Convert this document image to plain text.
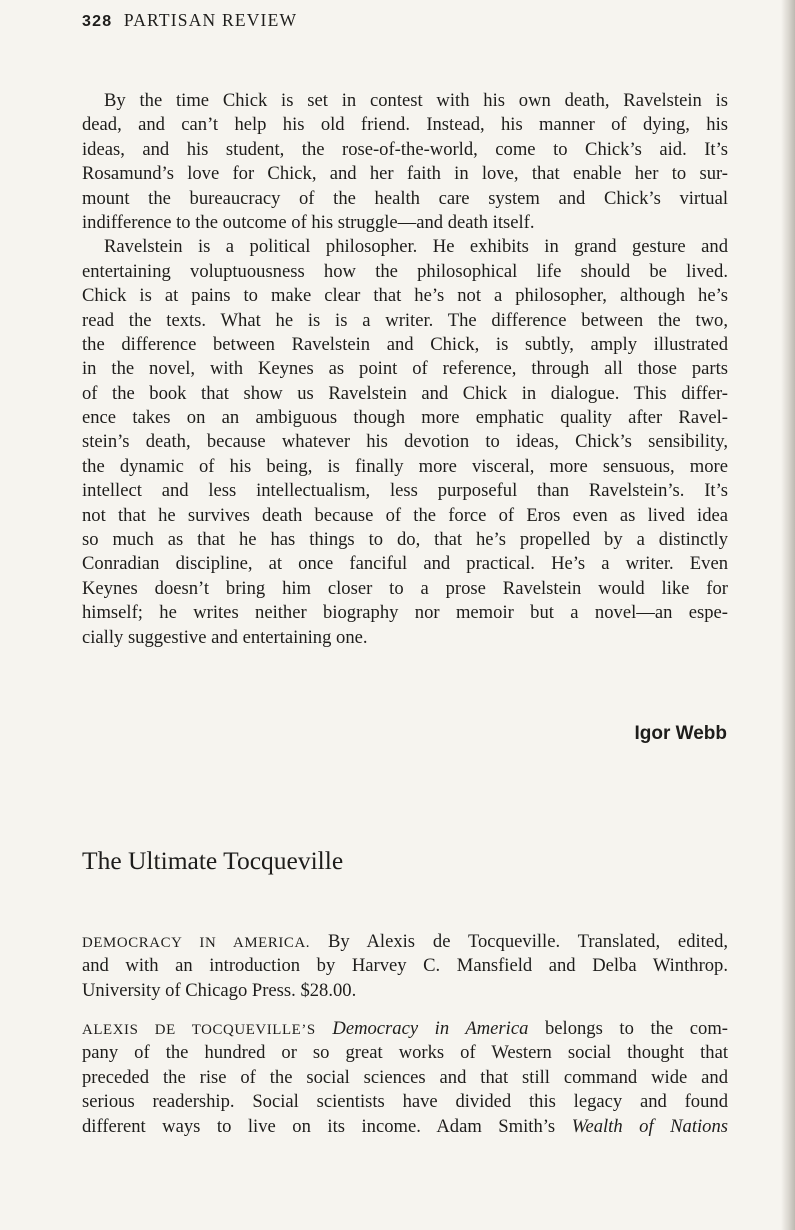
328 PARTISAN REVIEW
By the time Chick is set in contest with his own death, Ravelstein is
dead, and can’t help his old friend. Instead, his manner of dying, his
ideas, and his student, the rose-of-the-world, come to Chick’s aid. It’s
Rosamund’s love for Chick, and her faith in love, that enable her to sur-
mount the bureaucracy of the health care system and Chick’s virtual
indifference to the outcome of his struggle—and death itself.
Ravelstein is a political philosopher. He exhibits in grand gesture and
entertaining voluptuousness how the philosophical life should be lived.
Chick is at pains to make clear that he’s not a philosopher, although he’s
read the texts. What he is is a writer. The difference between the two,
the difference between Ravelstein and Chick, is subtly, amply illustrated
in the novel, with Keynes as point of reference, through all those parts
of the book that show us Ravelstein and Chick in dialogue. This differ-
ence takes on an ambiguous though more emphatic quality after Ravel-
stein’s death, because whatever his devotion to ideas, Chick’s sensibility,
the dynamic of his being, is finally more visceral, more sensuous, more
intellect and less intellectualism, less purposeful than Ravelstein’s. It’s
not that he survives death because of the force of Eros even as lived idea
so much as that he has things to do, that he’s propelled by a distinctly
Conradian discipline, at once fanciful and practical. He’s a writer. Even
Keynes doesn’t bring him closer to a prose Ravelstein would like for
himself; he writes neither biography nor memoir but a novel—an espe-
cially suggestive and entertaining one.
Igor Webb
The Ultimate Tocqueville
DEMOCRACY IN AMERICA. By Alexis de Tocqueville. Translated, edited,
and with an introduction by Harvey C. Mansfield and Delba Winthrop.
University of Chicago Press. $28.00.
ALEXIS DE TOCQUEVILLE’S Democracy in America belongs to the com-
pany of the hundred or so great works of Western social thought that
preceded the rise of the social sciences and that still command wide and
serious readership. Social scientists have divided this legacy and found
different ways to live on its income. Adam Smith’s Wealth of Nations
